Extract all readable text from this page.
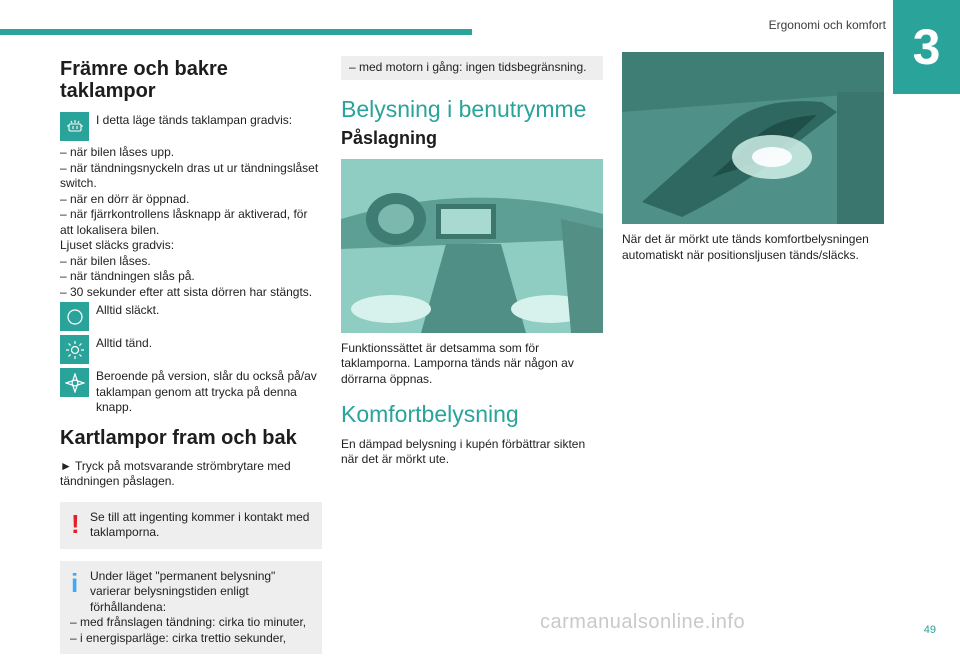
Ergonomi och komfort 3
Främre och bakre taklampor
I detta läge tänds taklampan gradvis:

– när bilen låses upp.

– när tändningsnyckeln dras ut ur tändningslåset switch.

– när en dörr är öppnad.

– när fjärrkontrollens låsknapp är aktiverad, för att lokalisera bilen.

Ljuset släcks gradvis:

– när bilen låses.

– när tändningen slås på.

– 30 sekunder efter att sista dörren har stängts.

Alltid släckt.
Alltid tänd.
Beroende på version, slår du också på/av taklampan genom att trycka på denna knapp.
Kartlampor fram och bak

► Tryck på motsvarande strömbrytare med tändningen påslagen.

! Se till att ingenting kommer i kontakt med taklamporna.
i Under läget "permanent belysning" varierar belysningstiden enligt förhållandena:

– med frånslagen tändning: cirka tio minuter,

– i energisparläge: cirka trettio sekunder,

– med motorn i gång: ingen tidsbegränsning.

Belysning i benutrymme
Påslagning

Funktionssättet är detsamma som för taklamporna. Lamporna tänds när någon av dörrarna öppnas.

Komfortbelysning

En dämpad belysning i kupén förbättrar sikten när det är mörkt ute.

När det är mörkt ute tänds komfortbelysningen automatiskt när positionsljusen tänds/släcks.

carmanualsonline.info	49
